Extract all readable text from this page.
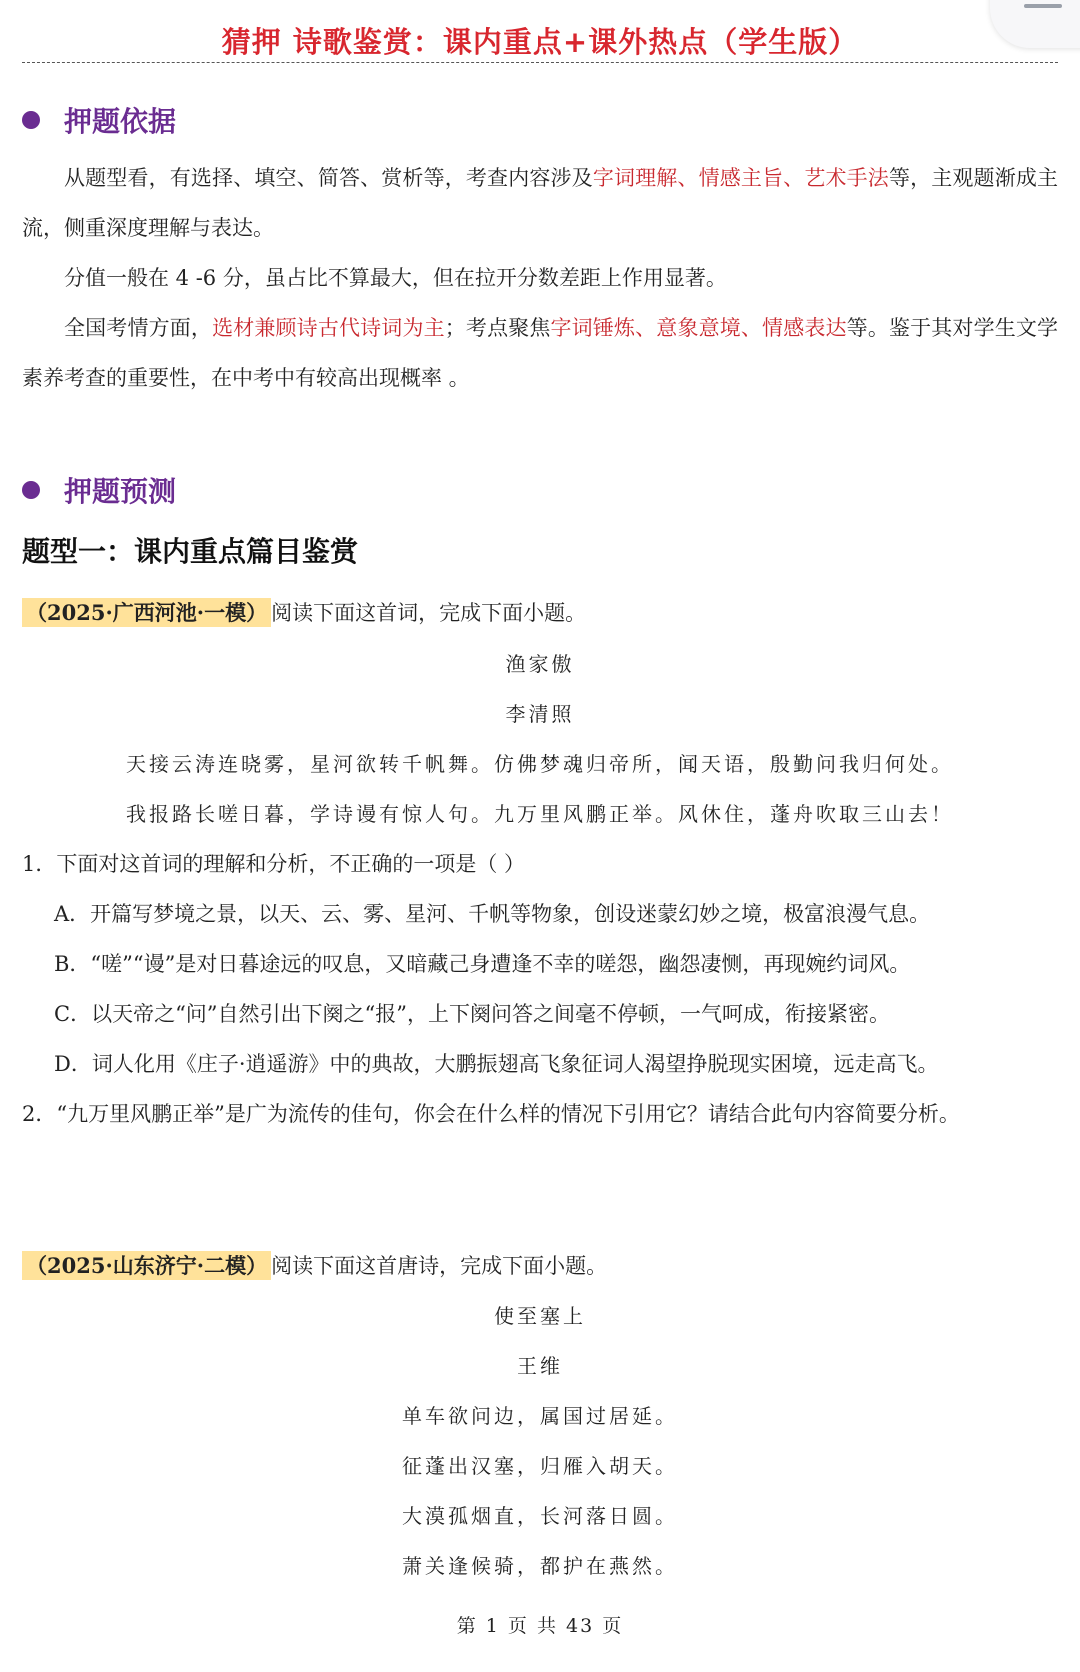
猜押 诗歌鉴赏：课内重点+课外热点（学生版）
押题依据
从题型看，有选择、填空、简答、赏析等，考查内容涉及字词理解、情感主旨、艺术手法等，主观题渐成主流，侧重深度理解与表达。
分值一般在 4 -6 分，虽占比不算最大，但在拉开分数差距上作用显著。
全国考情方面，选材兼顾诗古代诗词为主；考点聚焦字词锤炼、意象意境、情感表达等。鉴于其对学生文学素养考查的重要性，在中考中有较高出现概率 。
押题预测
题型一：课内重点篇目鉴赏
（2025·广西河池·一模） 阅读下面这首词，完成下面小题。
渔家傲
李清照
天接云涛连晓雾，星河欲转千帆舞。仿佛梦魂归帝所，闻天语，殷勤问我归何处。
我报路长嗟日暮，学诗谩有惊人句。九万里风鹏正举。风休住，蓬舟吹取三山去！
1．下面对这首词的理解和分析，不正确的一项是（ ）
A．开篇写梦境之景，以天、云、雾、星河、千帆等物象，创设迷蒙幻妙之境，极富浪漫气息。
B．“嗟”“谩”是对日暮途远的叹息，又暗藏己身遭逢不幸的嗟怨，幽怨凄恻，再现婉约词风。
C．以天帝之“问”自然引出下阕之“报”，上下阕问答之间毫不停顿，一气呵成，衔接紧密。
D．词人化用《庄子·逍遥游》中的典故，大鹏振翅高飞象征词人渴望挣脱现实困境，远走高飞。
2．“九万里风鹏正举”是广为流传的佳句，你会在什么样的情况下引用它？请结合此句内容简要分析。
（2025·山东济宁·二模） 阅读下面这首唐诗，完成下面小题。
使至塞上
王维
单车欲问边，属国过居延。
征蓬出汉塞，归雁入胡天。
大漠孤烟直，长河落日圆。
萧关逢候骑，都护在燕然。
第 1 页 共 43 页
